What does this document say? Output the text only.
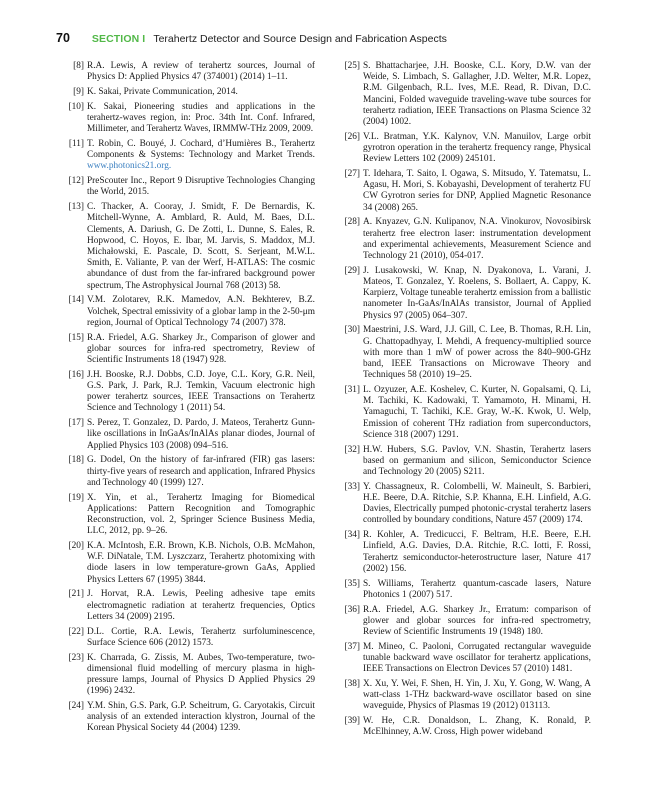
70 SECTION I Terahertz Detector and Source Design and Fabrication Aspects
[8] R.A. Lewis, A review of terahertz sources, Journal of Physics D: Applied Physics 47 (374001) (2014) 1–11.
[9] K. Sakai, Private Communication, 2014.
[10] K. Sakai, Pioneering studies and applications in the terahertz-waves region, in: Proc. 34th Int. Conf. Infrared, Millimeter, and Terahertz Waves, IRMMW-THz 2009, 2009.
[11] T. Robin, C. Bouyé, J. Cochard, d’Humières B., Terahertz Components & Systems: Technology and Market Trends. www.photonics21.org.
[12] PreScouter Inc., Report 9 Disruptive Technologies Changing the World, 2015.
[13] C. Thacker, A. Cooray, J. Smidt, F. De Bernardis, K. Mitchell-Wynne, A. Amblard, R. Auld, M. Baes, D.L. Clements, A. Dariush, G. De Zotti, L. Dunne, S. Eales, R. Hopwood, C. Hoyos, E. Ibar, M. Jarvis, S. Maddox, M.J. Michałowski, E. Pascale, D. Scott, S. Serjeant, M.W.L. Smith, E. Valiante, P. van der Werf, H-ATLAS: The cosmic abundance of dust from the far-infrared background power spectrum, The Astrophysical Journal 768 (2013) 58.
[14] V.M. Zolotarev, R.K. Mamedov, A.N. Bekhterev, B.Z. Volchek, Spectral emissivity of a globar lamp in the 2-50-μm region, Journal of Optical Technology 74 (2007) 378.
[15] R.A. Friedel, A.G. Sharkey Jr., Comparison of glower and globar sources for infra-red spectrometry, Review of Scientific Instruments 18 (1947) 928.
[16] J.H. Booske, R.J. Dobbs, C.D. Joye, C.L. Kory, G.R. Neil, G.S. Park, J. Park, R.J. Temkin, Vacuum electronic high power terahertz sources, IEEE Transactions on Terahertz Science and Technology 1 (2011) 54.
[17] S. Perez, T. Gonzalez, D. Pardo, J. Mateos, Terahertz Gunn-like oscillations in InGaAs/InAlAs planar diodes, Journal of Applied Physics 103 (2008) 094–516.
[18] G. Dodel, On the history of far-infrared (FIR) gas lasers: thirty-five years of research and application, Infrared Physics and Technology 40 (1999) 127.
[19] X. Yin, et al., Terahertz Imaging for Biomedical Applications: Pattern Recognition and Tomographic Reconstruction, vol. 2, Springer Science Business Media, LLC, 2012, pp. 9–26.
[20] K.A. McIntosh, E.R. Brown, K.B. Nichols, O.B. McMahon, W.F. DiNatale, T.M. Lyszczarz, Terahertz photomixing with diode lasers in low temperature-grown GaAs, Applied Physics Letters 67 (1995) 3844.
[21] J. Horvat, R.A. Lewis, Peeling adhesive tape emits electromagnetic radiation at terahertz frequencies, Optics Letters 34 (2009) 2195.
[22] D.L. Cortie, R.A. Lewis, Terahertz surfoluminescence, Surface Science 606 (2012) 1573.
[23] K. Charrada, G. Zissis, M. Aubes, Two-temperature, two-dimensional fluid modelling of mercury plasma in high-pressure lamps, Journal of Physics D Applied Physics 29 (1996) 2432.
[24] Y.M. Shin, G.S. Park, G.P. Scheitrum, G. Caryotakis, Circuit analysis of an extended interaction klystron, Journal of the Korean Physical Society 44 (2004) 1239.
[25] S. Bhattacharjee, J.H. Booske, C.L. Kory, D.W. van der Weide, S. Limbach, S. Gallagher, J.D. Welter, M.R. Lopez, R.M. Gilgenbach, R.L. Ives, M.E. Read, R. Divan, D.C. Mancini, Folded waveguide traveling-wave tube sources for terahertz radiation, IEEE Transactions on Plasma Science 32 (2004) 1002.
[26] V.L. Bratman, Y.K. Kalynov, V.N. Manuilov, Large orbit gyrotron operation in the terahertz frequency range, Physical Review Letters 102 (2009) 245101.
[27] T. Idehara, T. Saito, I. Ogawa, S. Mitsudo, Y. Tatematsu, L. Agasu, H. Mori, S. Kobayashi, Development of terahertz FU CW Gyrotron series for DNP, Applied Magnetic Resonance 34 (2008) 265.
[28] A. Knyazev, G.N. Kulipanov, N.A. Vinokurov, Novosibirsk terahertz free electron laser: instrumentation development and experimental achievements, Measurement Science and Technology 21 (2010), 054-017.
[29] J. Lusakowski, W. Knap, N. Dyakonova, L. Varani, J. Mateos, T. Gonzalez, Y. Roelens, S. Bollaert, A. Cappy, K. Karpierz, Voltage tuneable terahertz emission from a ballistic nanometer In-GaAs/InAlAs transistor, Journal of Applied Physics 97 (2005) 064–307.
[30] Maestrini, J.S. Ward, J.J. Gill, C. Lee, B. Thomas, R.H. Lin, G. Chattopadhyay, I. Mehdi, A frequency-multiplied source with more than 1 mW of power across the 840–900-GHz band, IEEE Transactions on Microwave Theory and Techniques 58 (2010) 19–25.
[31] L. Ozyuzer, A.E. Koshelev, C. Kurter, N. Gopalsami, Q. Li, M. Tachiki, K. Kadowaki, T. Yamamoto, H. Minami, H. Yamaguchi, T. Tachiki, K.E. Gray, W.-K. Kwok, U. Welp, Emission of coherent THz radiation from superconductors, Science 318 (2007) 1291.
[32] H.W. Hubers, S.G. Pavlov, V.N. Shastin, Terahertz lasers based on germanium and silicon, Semiconductor Science and Technology 20 (2005) S211.
[33] Y. Chassagneux, R. Colombelli, W. Maineult, S. Barbieri, H.E. Beere, D.A. Ritchie, S.P. Khanna, E.H. Linfield, A.G. Davies, Electrically pumped photonic-crystal terahertz lasers controlled by boundary conditions, Nature 457 (2009) 174.
[34] R. Kohler, A. Tredicucci, F. Beltram, H.E. Beere, E.H. Linfield, A.G. Davies, D.A. Ritchie, R.C. Iotti, F. Rossi, Terahertz semiconductor-heterostructure laser, Nature 417 (2002) 156.
[35] S. Williams, Terahertz quantum-cascade lasers, Nature Photonics 1 (2007) 517.
[36] R.A. Friedel, A.G. Sharkey Jr., Erratum: comparison of glower and globar sources for infra-red spectrometry, Review of Scientific Instruments 19 (1948) 180.
[37] M. Mineo, C. Paoloni, Corrugated rectangular waveguide tunable backward wave oscillator for terahertz applications, IEEE Transactions on Electron Devices 57 (2010) 1481.
[38] X. Xu, Y. Wei, F. Shen, H. Yin, J. Xu, Y. Gong, W. Wang, A watt-class 1-THz backward-wave oscillator based on sine waveguide, Physics of Plasmas 19 (2012) 013113.
[39] W. He, C.R. Donaldson, L. Zhang, K. Ronald, P. McElhinney, A.W. Cross, High power wideband
